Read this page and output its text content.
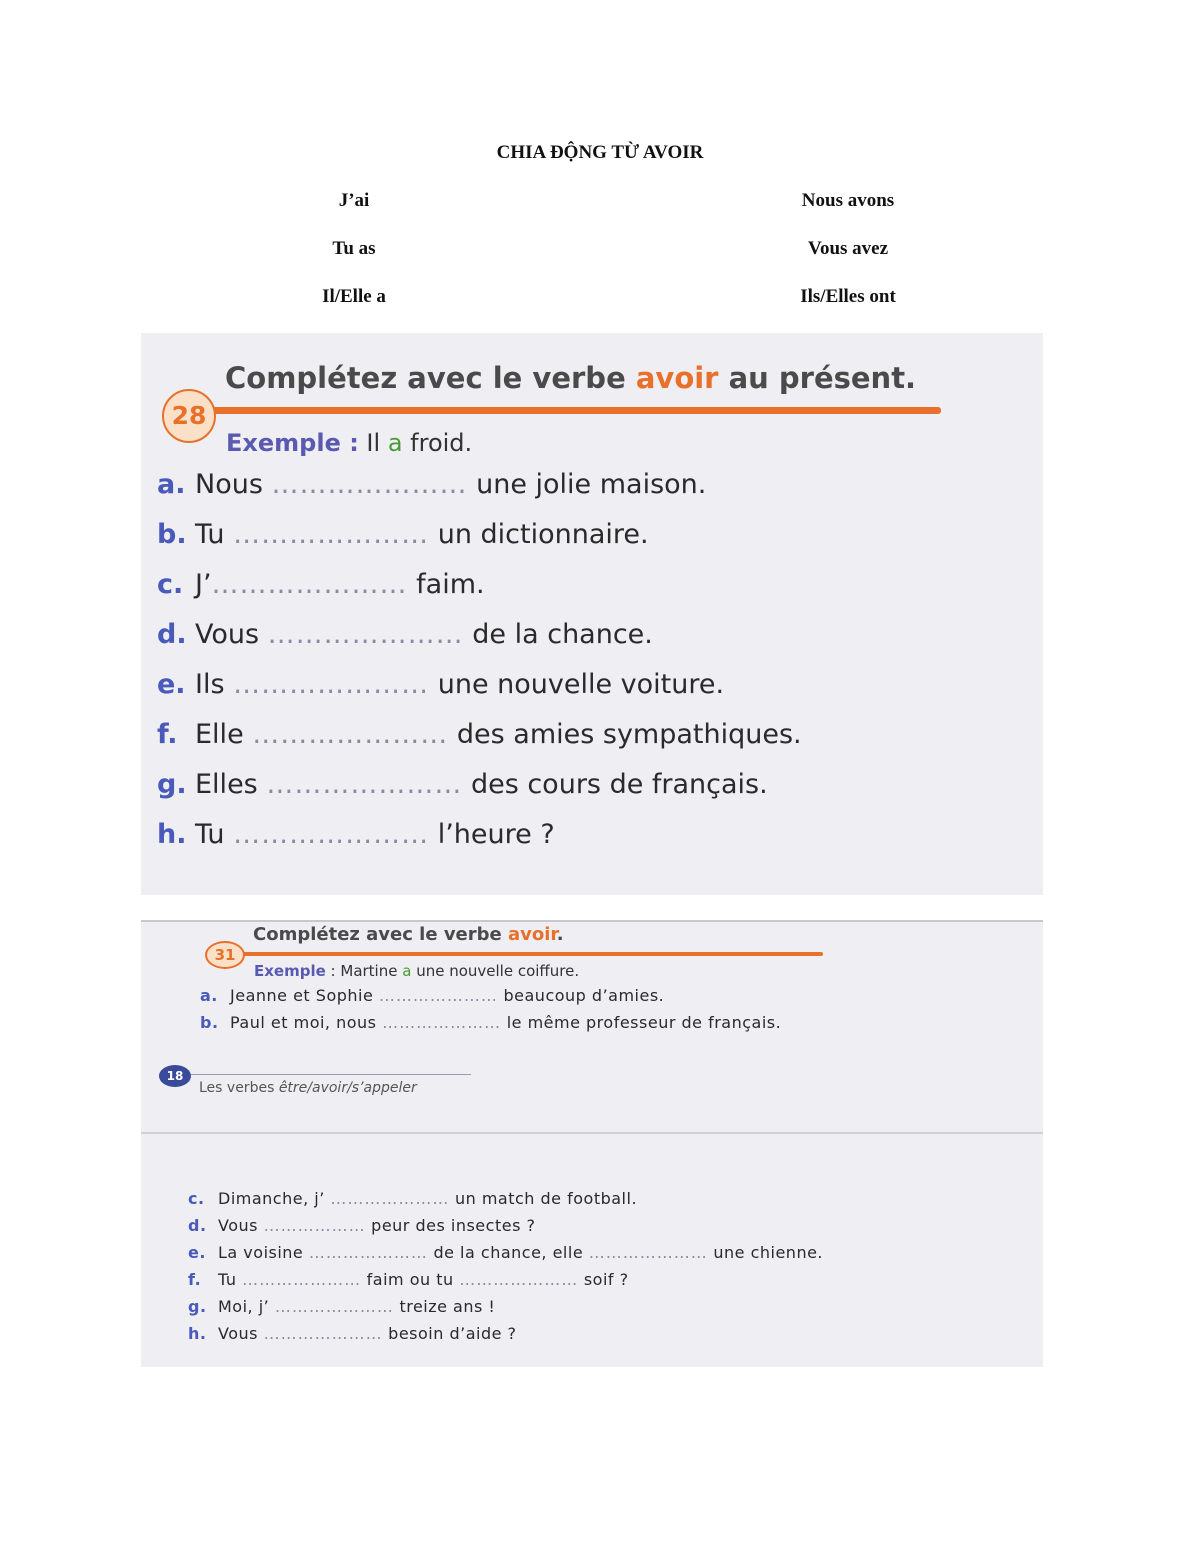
CHIA ĐỘNG TỪ AVOIR
J’ai
Tu as
Il/Elle a
Nous avons
Vous avez
Ils/Elles ont
Complétez avec le verbe avoir au présent.
28
Exemple : Il a froid.
a. Nous ………………… une jolie maison.
b. Tu ………………… un dictionnaire.
c. J’………………… faim.
d. Vous ………………… de la chance.
e. Ils ………………… une nouvelle voiture.
f. Elle ………………… des amies sympathiques.
g. Elles ………………… des cours de français.
h. Tu ………………… l’heure ?
Complétez avec le verbe avoir.
31
Exemple : Martine a une nouvelle coiffure.
a. Jeanne et Sophie ………………… beaucoup d’amies.
b. Paul et moi, nous ………………… le même professeur de français.
18
Les verbes être/avoir/s’appeler
c. Dimanche, j’ ………………… un match de football.
d. Vous ……………… peur des insectes ?
e. La voisine ………………… de la chance, elle ………………… une chienne.
f. Tu ………………… faim ou tu ………………… soif ?
g. Moi, j’ ………………… treize ans !
h. Vous ………………… besoin d’aide ?
